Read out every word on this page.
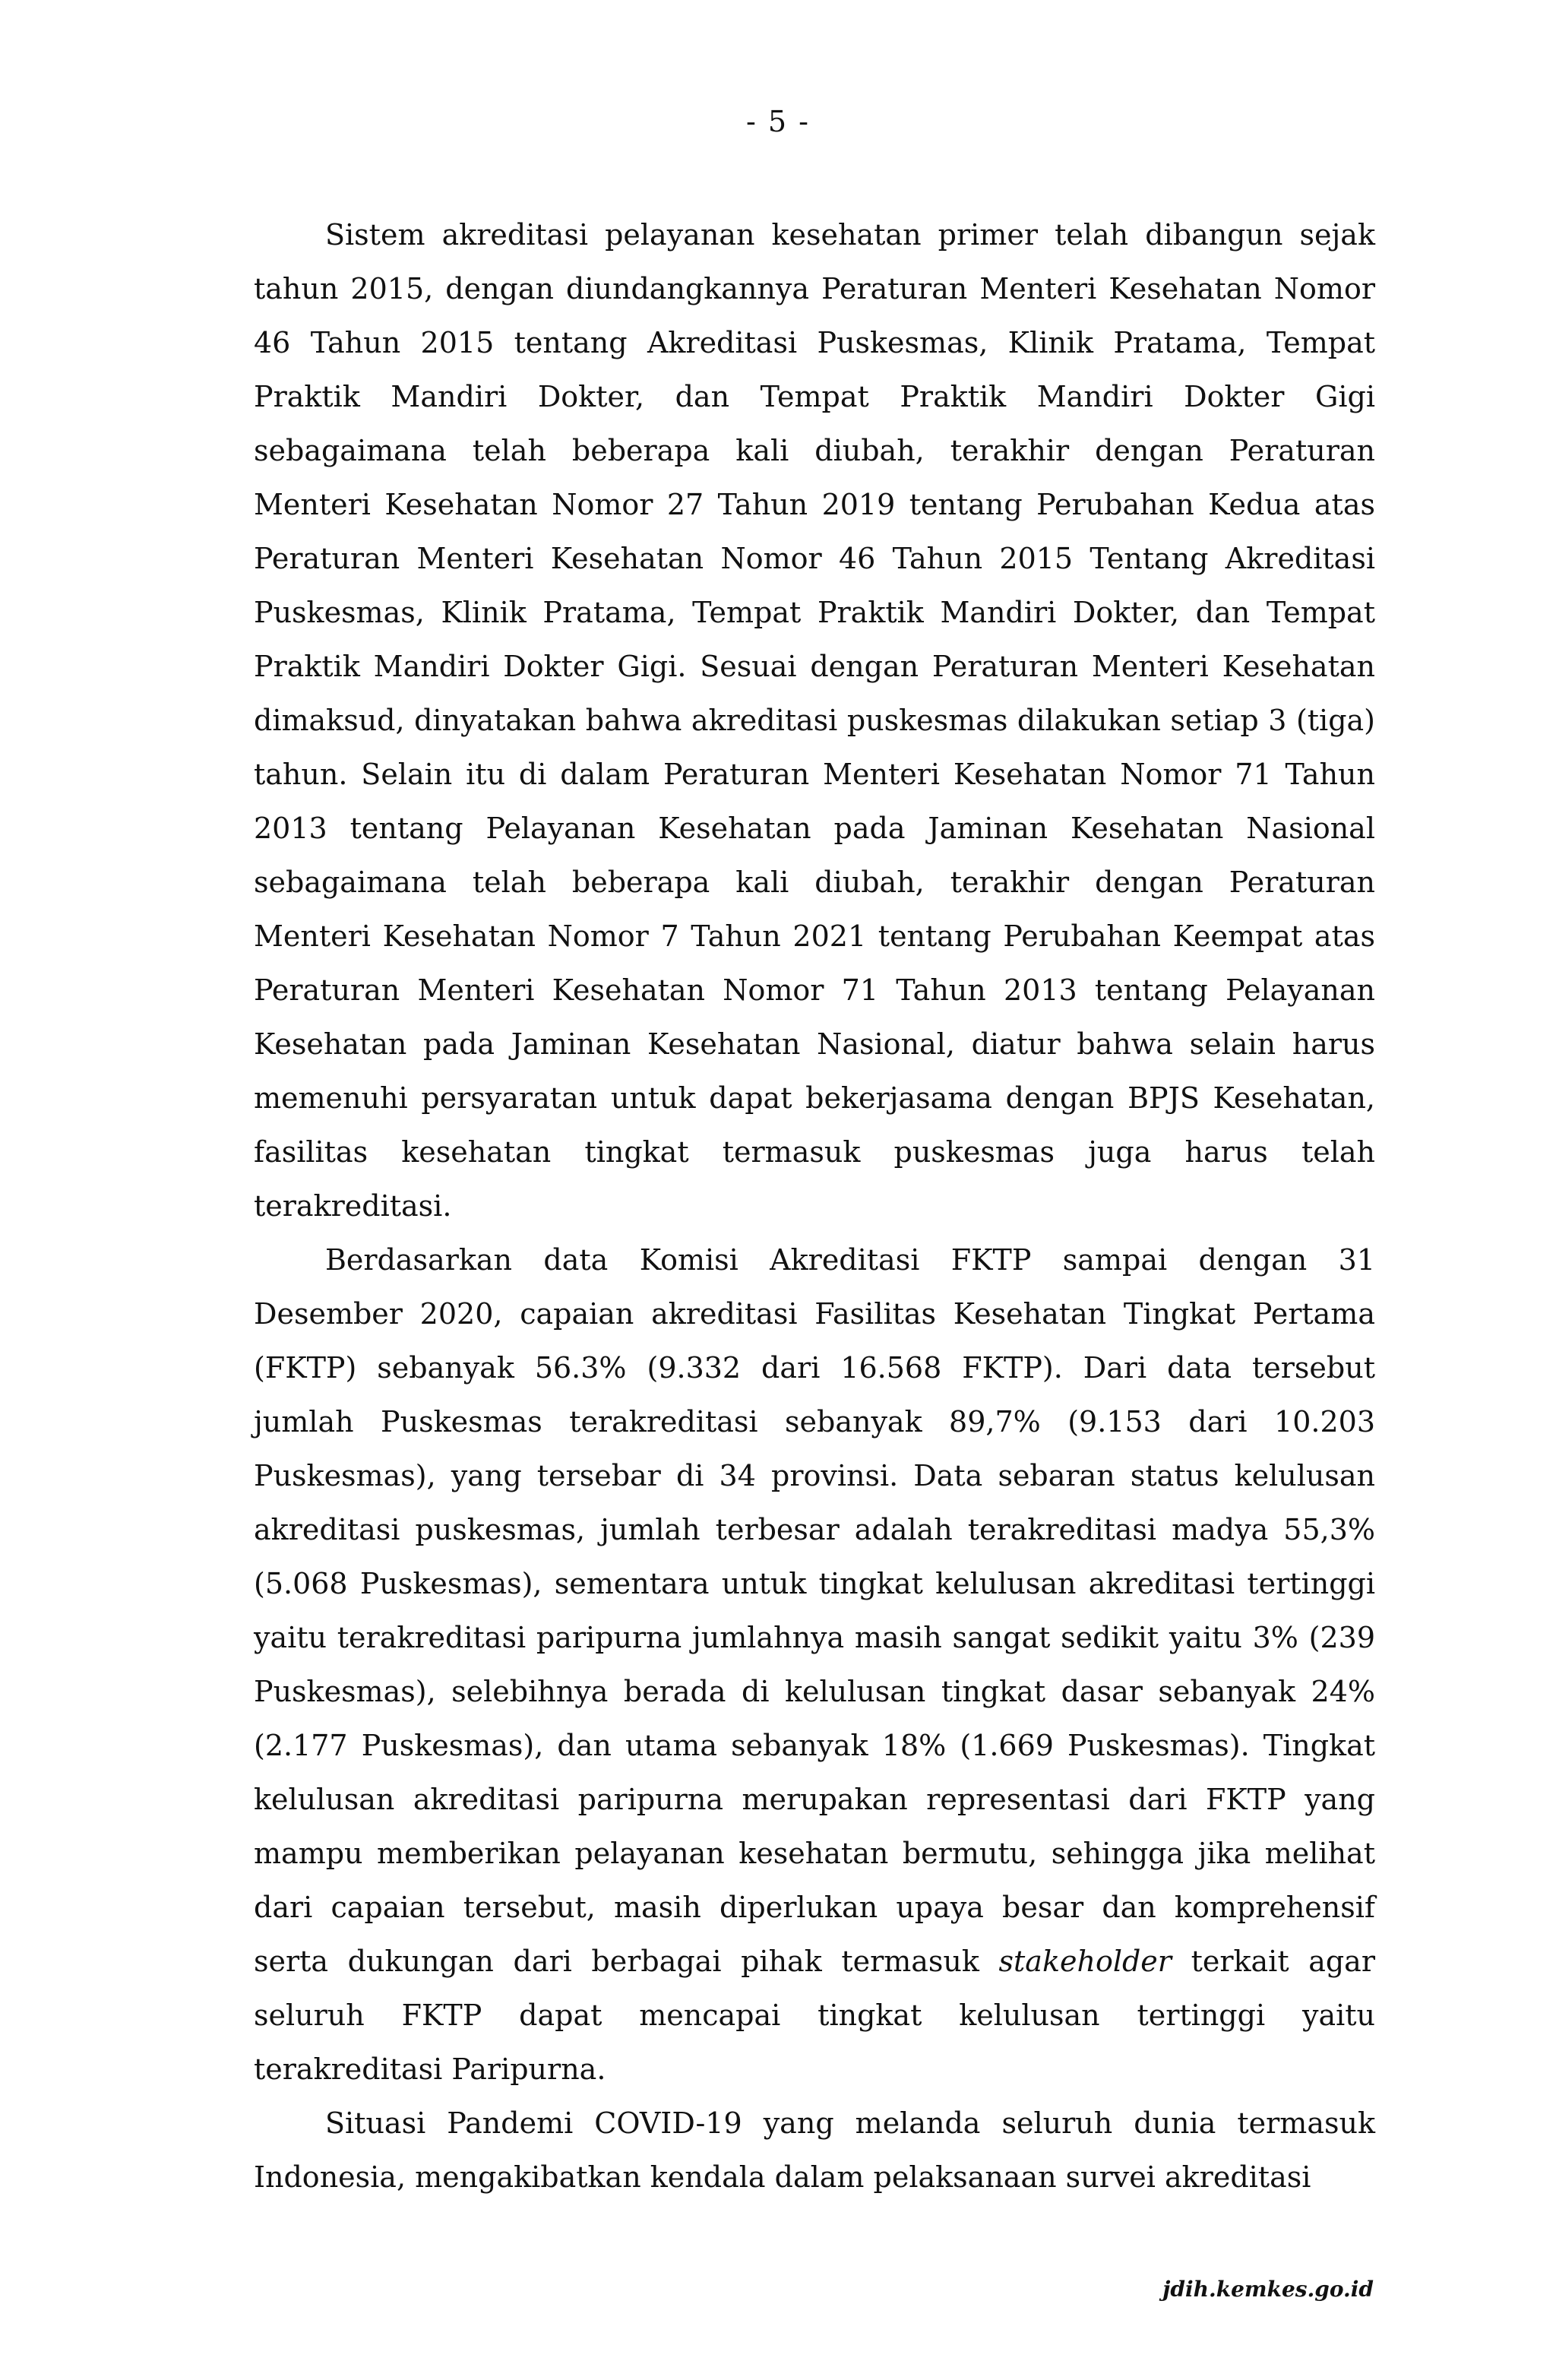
- 5 -

Sistem akreditasi pelayanan kesehatan primer telah dibangun sejak tahun 2015, dengan diundangkannya Peraturan Menteri Kesehatan Nomor 46 Tahun 2015 tentang Akreditasi Puskesmas, Klinik Pratama, Tempat Praktik Mandiri Dokter, dan Tempat Praktik Mandiri Dokter Gigi sebagaimana telah beberapa kali diubah, terakhir dengan Peraturan Menteri Kesehatan Nomor 27 Tahun 2019 tentang Perubahan Kedua atas Peraturan Menteri Kesehatan Nomor 46 Tahun 2015 Tentang Akreditasi Puskesmas, Klinik Pratama, Tempat Praktik Mandiri Dokter, dan Tempat Praktik Mandiri Dokter Gigi. Sesuai dengan Peraturan Menteri Kesehatan dimaksud, dinyatakan bahwa akreditasi puskesmas dilakukan setiap 3 (tiga) tahun. Selain itu di dalam Peraturan Menteri Kesehatan Nomor 71 Tahun 2013 tentang Pelayanan Kesehatan pada Jaminan Kesehatan Nasional sebagaimana telah beberapa kali diubah, terakhir dengan Peraturan Menteri Kesehatan Nomor 7 Tahun 2021 tentang Perubahan Keempat atas Peraturan Menteri Kesehatan Nomor 71 Tahun 2013 tentang Pelayanan Kesehatan pada Jaminan Kesehatan Nasional, diatur bahwa selain harus memenuhi persyaratan untuk dapat bekerjasama dengan BPJS Kesehatan, fasilitas kesehatan tingkat termasuk puskesmas juga harus telah terakreditasi.

Berdasarkan data Komisi Akreditasi FKTP sampai dengan 31 Desember 2020, capaian akreditasi Fasilitas Kesehatan Tingkat Pertama (FKTP) sebanyak 56.3% (9.332 dari 16.568 FKTP). Dari data tersebut jumlah Puskesmas terakreditasi sebanyak 89,7% (9.153 dari 10.203 Puskesmas), yang tersebar di 34 provinsi. Data sebaran status kelulusan akreditasi puskesmas, jumlah terbesar adalah terakreditasi madya 55,3% (5.068 Puskesmas), sementara untuk tingkat kelulusan akreditasi tertinggi yaitu terakreditasi paripurna jumlahnya masih sangat sedikit yaitu 3% (239 Puskesmas), selebihnya berada di kelulusan tingkat dasar sebanyak 24% (2.177 Puskesmas), dan utama sebanyak 18% (1.669 Puskesmas). Tingkat kelulusan akreditasi paripurna merupakan representasi dari FKTP yang mampu memberikan pelayanan kesehatan bermutu, sehingga jika melihat dari capaian tersebut, masih diperlukan upaya besar dan komprehensif serta dukungan dari berbagai pihak termasuk stakeholder terkait agar seluruh FKTP dapat mencapai tingkat kelulusan tertinggi yaitu terakreditasi Paripurna.

Situasi Pandemi COVID-19 yang melanda seluruh dunia termasuk Indonesia, mengakibatkan kendala dalam pelaksanaan survei akreditasi

jdih.kemkes.go.id
